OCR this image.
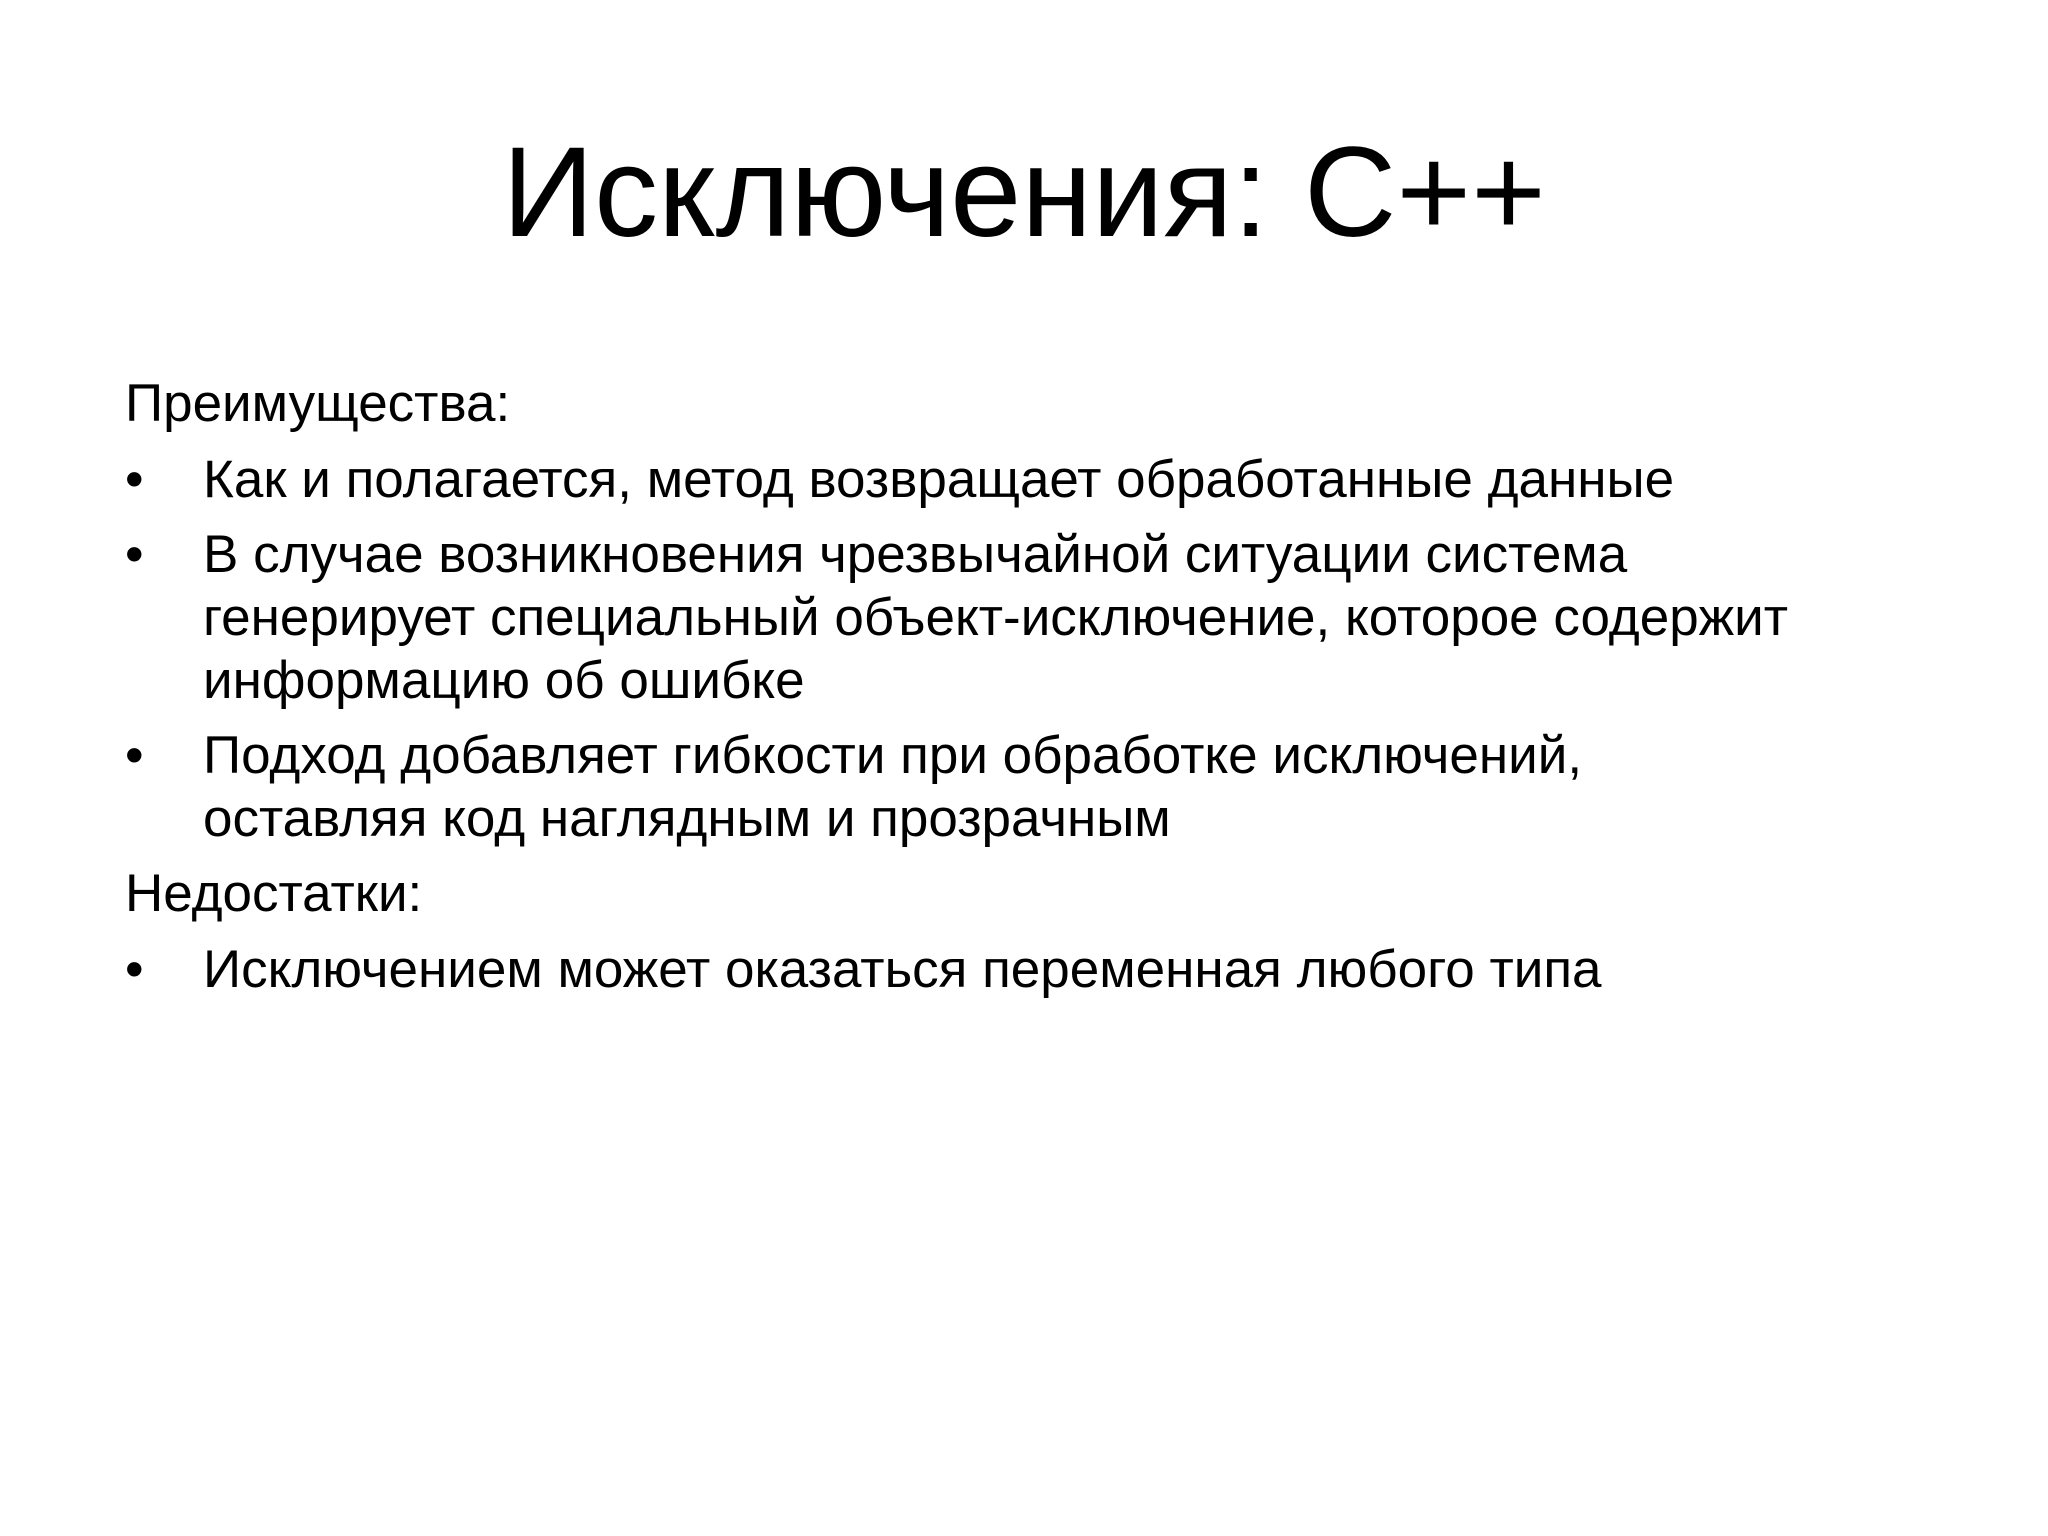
Исключения: C++
Преимущества:
•	Как и полагается, метод возвращает обработанные данные
•	В случае возникновения чрезвычайной ситуации система
генерирует специальный объект-исключение, которое содержит
информацию об ошибке
•	Подход добавляет гибкости при обработке исключений,
оставляя код наглядным и прозрачным
Недостатки:
•	Исключением может оказаться переменная любого типа
